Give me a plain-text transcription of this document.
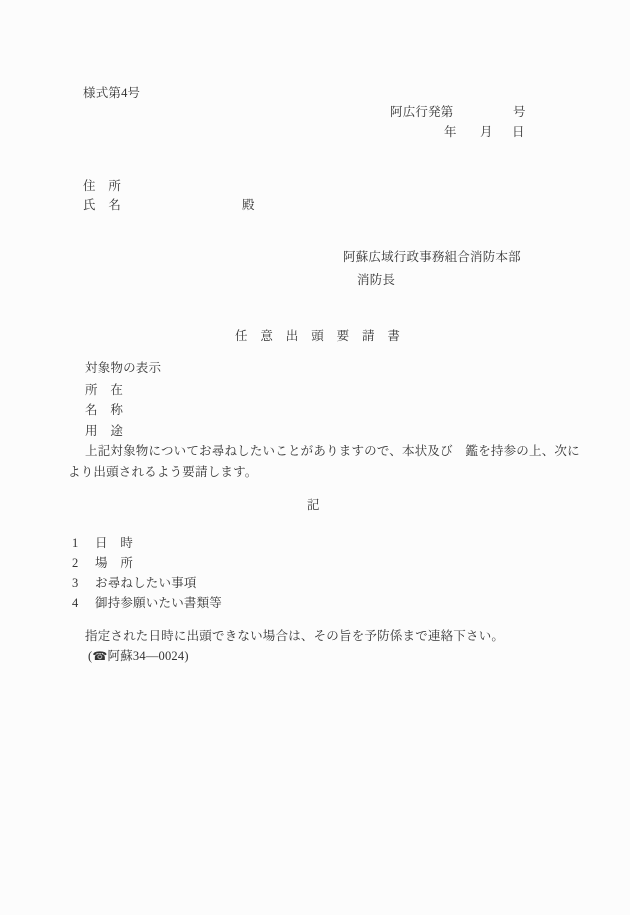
様式第4号
阿広行発第	号
年 月 日
住　所
氏　名	殿
阿蘇広域行政事務組合消防本部
消防長
任　意　出　頭　要　請　書
対象物の表示
所　在
名　称
用　途
上記対象物についてお尋ねしたいことがありますので、本状及び　鑑を持参の上、次に
より出頭されるよう要請します。
記
1 日　時
2 場　所
3 お尋ねしたい事項
4 御持参願いたい書類等
指定された日時に出頭できない場合は、その旨を予防係まで連絡下さい。
(☎阿蘇34―0024)
